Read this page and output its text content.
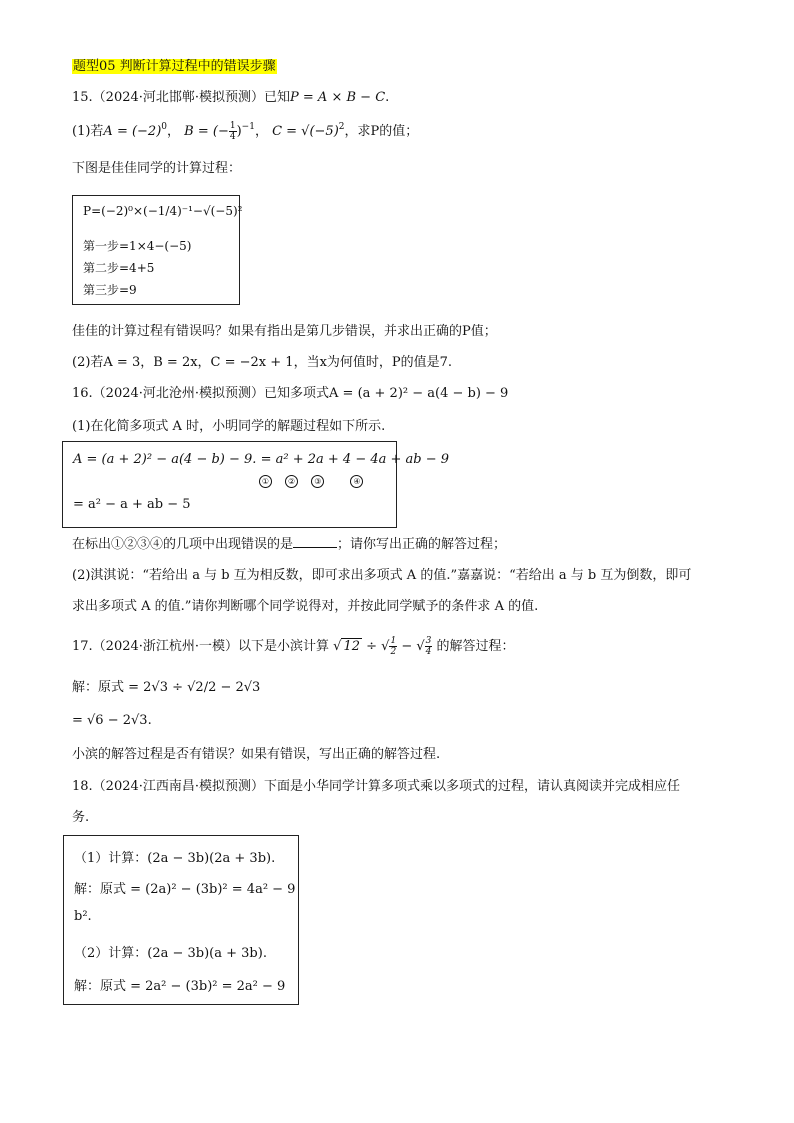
题型05 判断计算过程中的错误步骤
15.（2024·河北邯郸·模拟预测）已知P = A × B − C.
(1)若$A = (-2)^0$， B = (− $\frac{1}{4} )^{-1}$， $C = √(-5)^2$，求P的值；
下图是佳佳同学的计算过程：
P=(−2)⁰×(−1/4)⁻¹−√(−5)²
第一步=1×4−(−5)
第二步=4+5
第三步=9
佳佳的计算过程有错误吗？如果有指出是第几步错误，并求出正确的P值；
(2)若A = 3，B = 2x，C = −2x + 1，当x为何值时，P的值是7.
16.（2024·河北沧州·模拟预测）已知多项式A = (a + 2)² − a(4 − b) − 9
(1)在化简多项式 A 时，小明同学的解题过程如下所示.
A = (a + 2)² − a(4 − b) − 9. = a² + 2a + 4 − 4a + ab − 9
① ② ③	④
= a² − a + ab − 5
在标出①②③④的几项中出现错误的是	；请你写出正确的解答过程；
(2)淇淇说：“若给出 a 与 b 互为相反数，即可求出多项式 A 的值.”嘉嘉说：“若给出 a 与 b 互为倒数，即可
求出多项式 A 的值.”请你判断哪个同学说得对，并按此同学赋予的条件求 A 的值.
17.（2024·浙江杭州·一模）以下是小滨计算 √ 12 ÷ √ $\frac{1}{2}$ − √ $\frac{3}{4}$ 的解答过程：
解：原式 = 2√3 ÷ √2/2 − 2√3
= √6 − 2√3.
小滨的解答过程是否有错误？如果有错误，写出正确的解答过程.
18.（2024·江西南昌·模拟预测）下面是小华同学计算多项式乘以多项式的过程，请认真阅读并完成相应任
务.
（1）计算：(2a − 3b)(2a + 3b).
解：原式 = (2a)² − (3b)² = 4a² − 9
b².
（2）计算：(2a − 3b)(a + 3b).
解：原式 = 2a² − (3b)² = 2a² − 9
